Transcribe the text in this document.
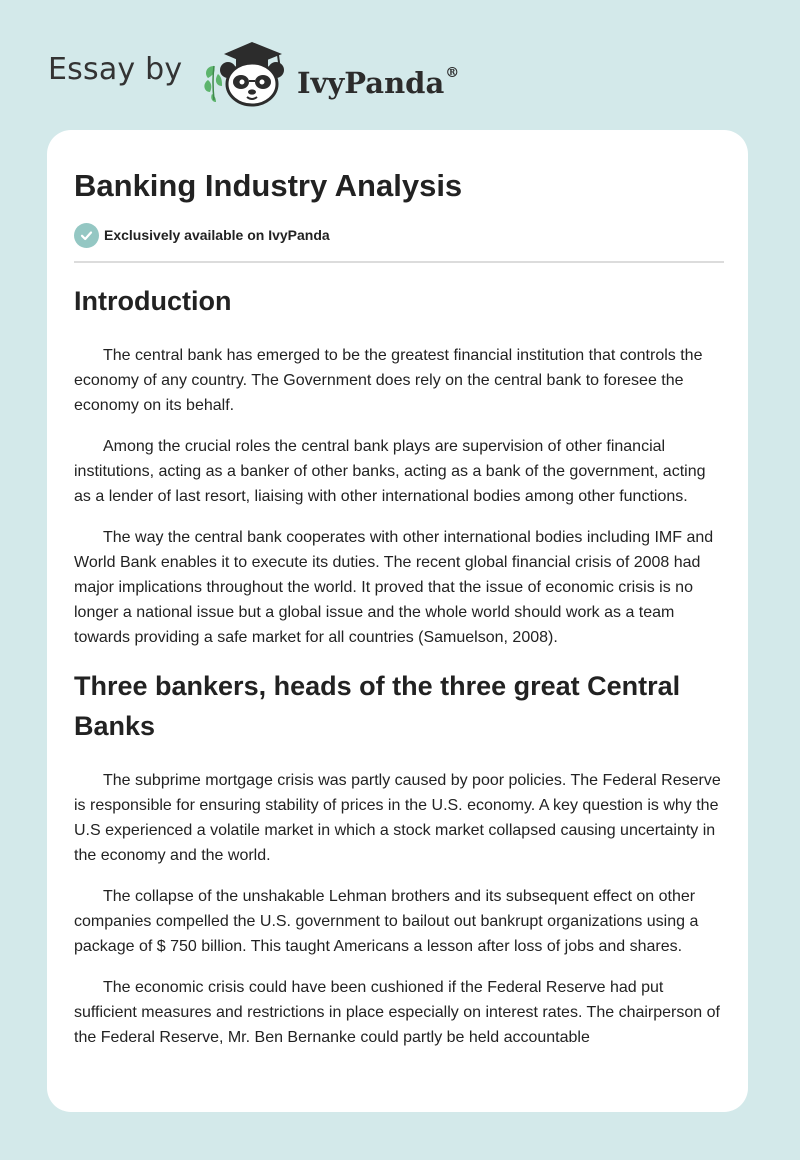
Essay by	IvyPanda®
Banking Industry Analysis
Exclusively available on IvyPanda
Introduction

The central bank has emerged to be the greatest financial institution that controls the economy of any country. The Government does rely on the central bank to foresee the economy on its behalf.

Among the crucial roles the central bank plays are supervision of other financial institutions, acting as a banker of other banks, acting as a bank of the government, acting as a lender of last resort, liaising with other international bodies among other functions.

The way the central bank cooperates with other international bodies including IMF and World Bank enables it to execute its duties. The recent global financial crisis of 2008 had major implications throughout the world. It proved that the issue of economic crisis is no longer a national issue but a global issue and the whole world should work as a team towards providing a safe market for all countries (Samuelson, 2008).

Three bankers, heads of the three great Central Banks

The subprime mortgage crisis was partly caused by poor policies. The Federal Reserve is responsible for ensuring stability of prices in the U.S. economy. A key question is why the U.S experienced a volatile market in which a stock market collapsed causing uncertainty in the economy and the world.

The collapse of the unshakable Lehman brothers and its subsequent effect on other companies compelled the U.S. government to bailout out bankrupt organizations using a package of $ 750 billion. This taught Americans a lesson after loss of jobs and shares.

The economic crisis could have been cushioned if the Federal Reserve had put sufficient measures and restrictions in place especially on interest rates. The chairperson of the Federal Reserve, Mr. Ben Bernanke could partly be held accountable
